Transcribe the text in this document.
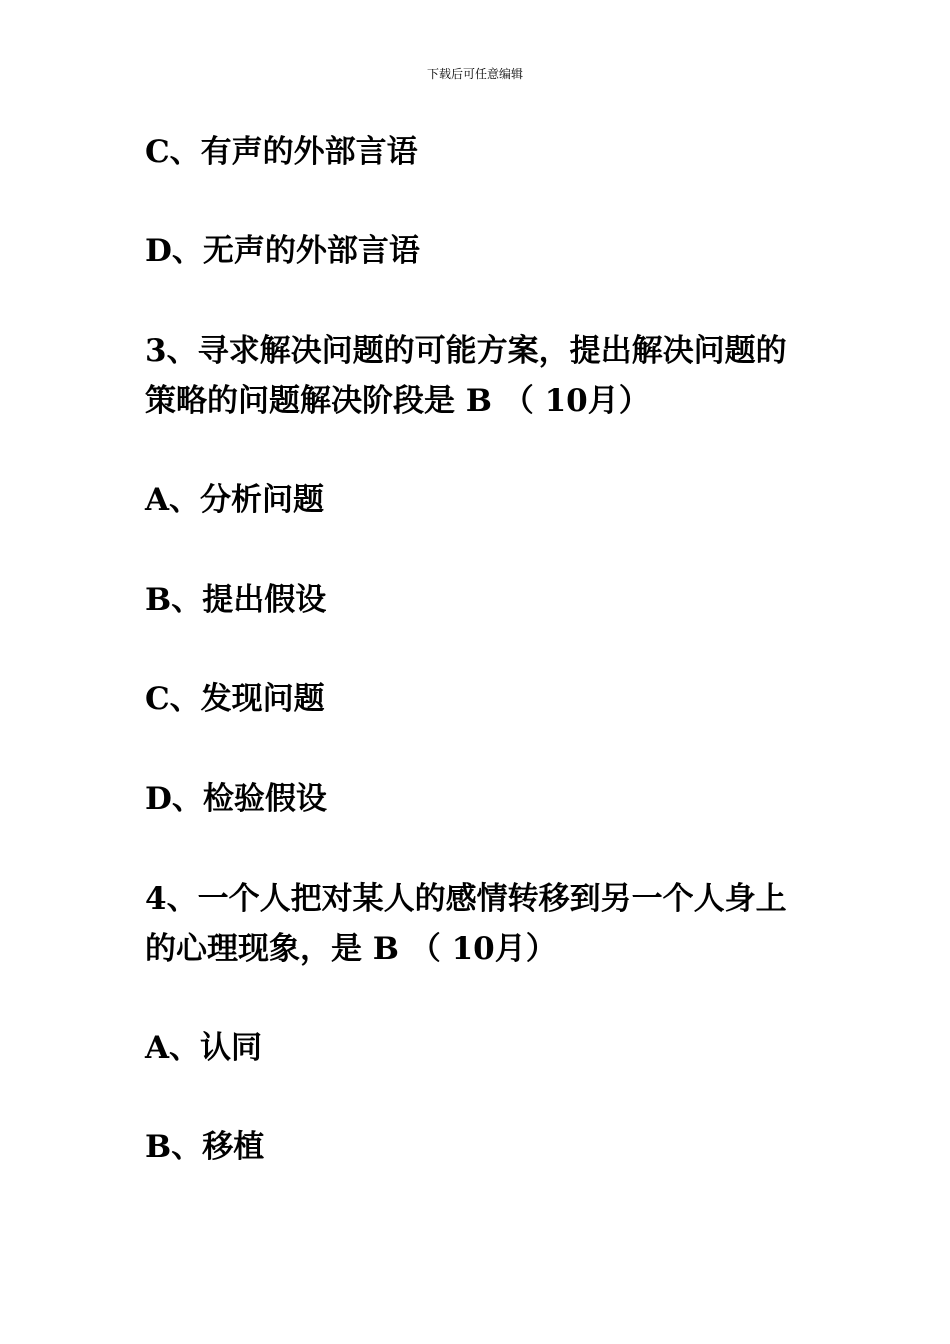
下载后可任意编辑
C、有声的外部言语
D、无声的外部言语
3、寻求解决问题的可能方案，提出解决问题的
策略的问题解决阶段是 B （ 10月）
A、分析问题
B、提出假设
C、发现问题
D、检验假设
4、一个人把对某人的感情转移到另一个人身上
的心理现象，是 B （ 10月）
A、认同
B、移植
